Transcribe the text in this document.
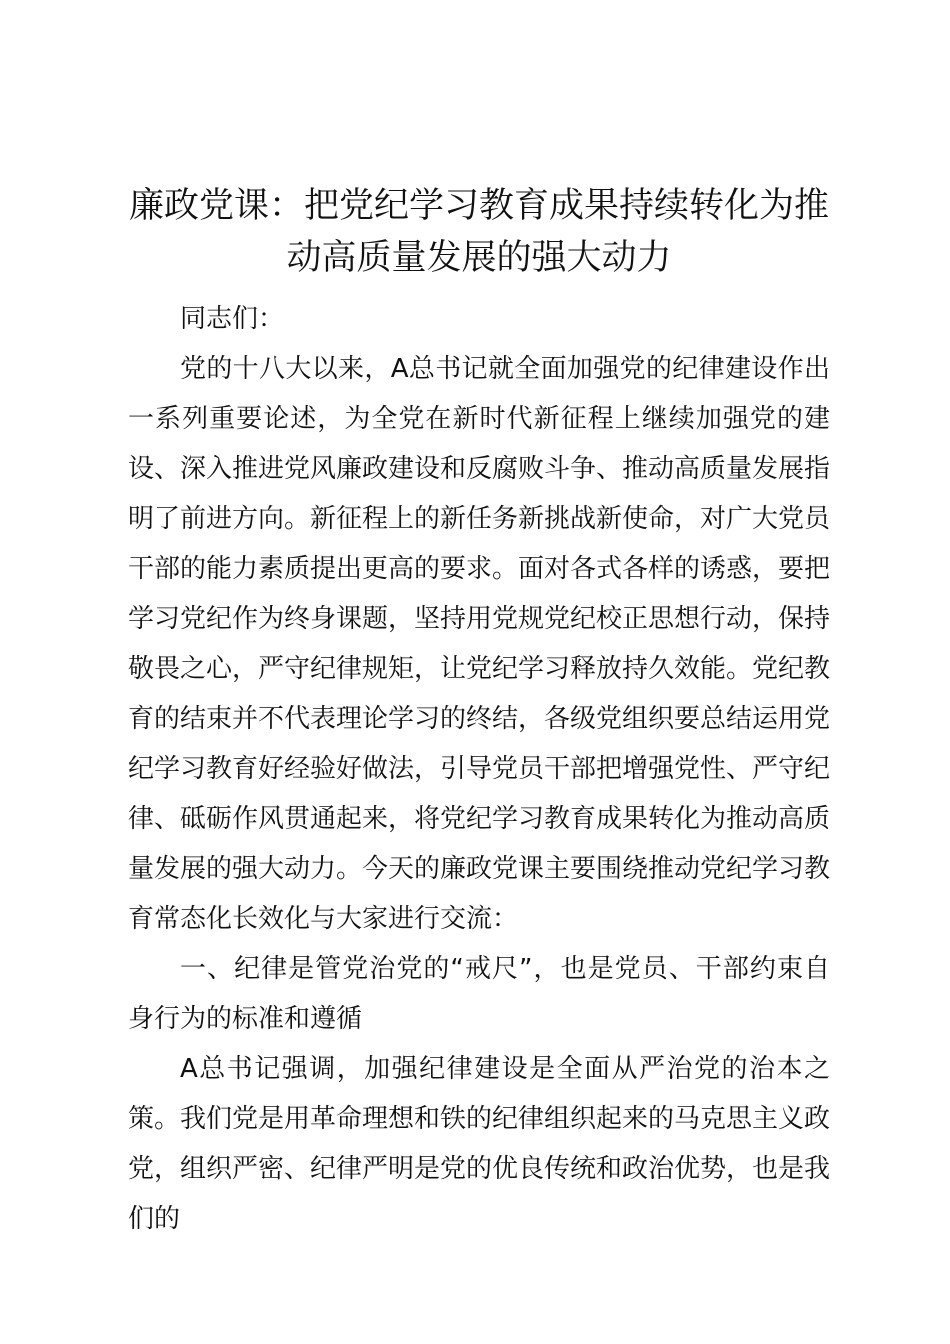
廉政党课：把党纪学习教育成果持续转化为推动高质量发展的强大动力

同志们：

党的十八大以来，A总书记就全面加强党的纪律建设作出一系列重要论述，为全党在新时代新征程上继续加强党的建设、深入推进党风廉政建设和反腐败斗争、推动高质量发展指明了前进方向。新征程上的新任务新挑战新使命，对广大党员干部的能力素质提出更高的要求。面对各式各样的诱惑，要把学习党纪作为终身课题，坚持用党规党纪校正思想行动，保持敬畏之心，严守纪律规矩，让党纪学习释放持久效能。党纪教育的结束并不代表理论学习的终结，各级党组织要总结运用党纪学习教育好经验好做法，引导党员干部把增强党性、严守纪律、砥砺作风贯通起来，将党纪学习教育成果转化为推动高质量发展的强大动力。今天的廉政党课主要围绕推动党纪学习教育常态化长效化与大家进行交流：

一、纪律是管党治党的“戒尺”，也是党员、干部约束自身行为的标准和遵循

A总书记强调，加强纪律建设是全面从严治党的治本之策。我们党是用革命理想和铁的纪律组织起来的马克思主义政党，组织严密、纪律严明是党的优良传统和政治优势，也是我们的
